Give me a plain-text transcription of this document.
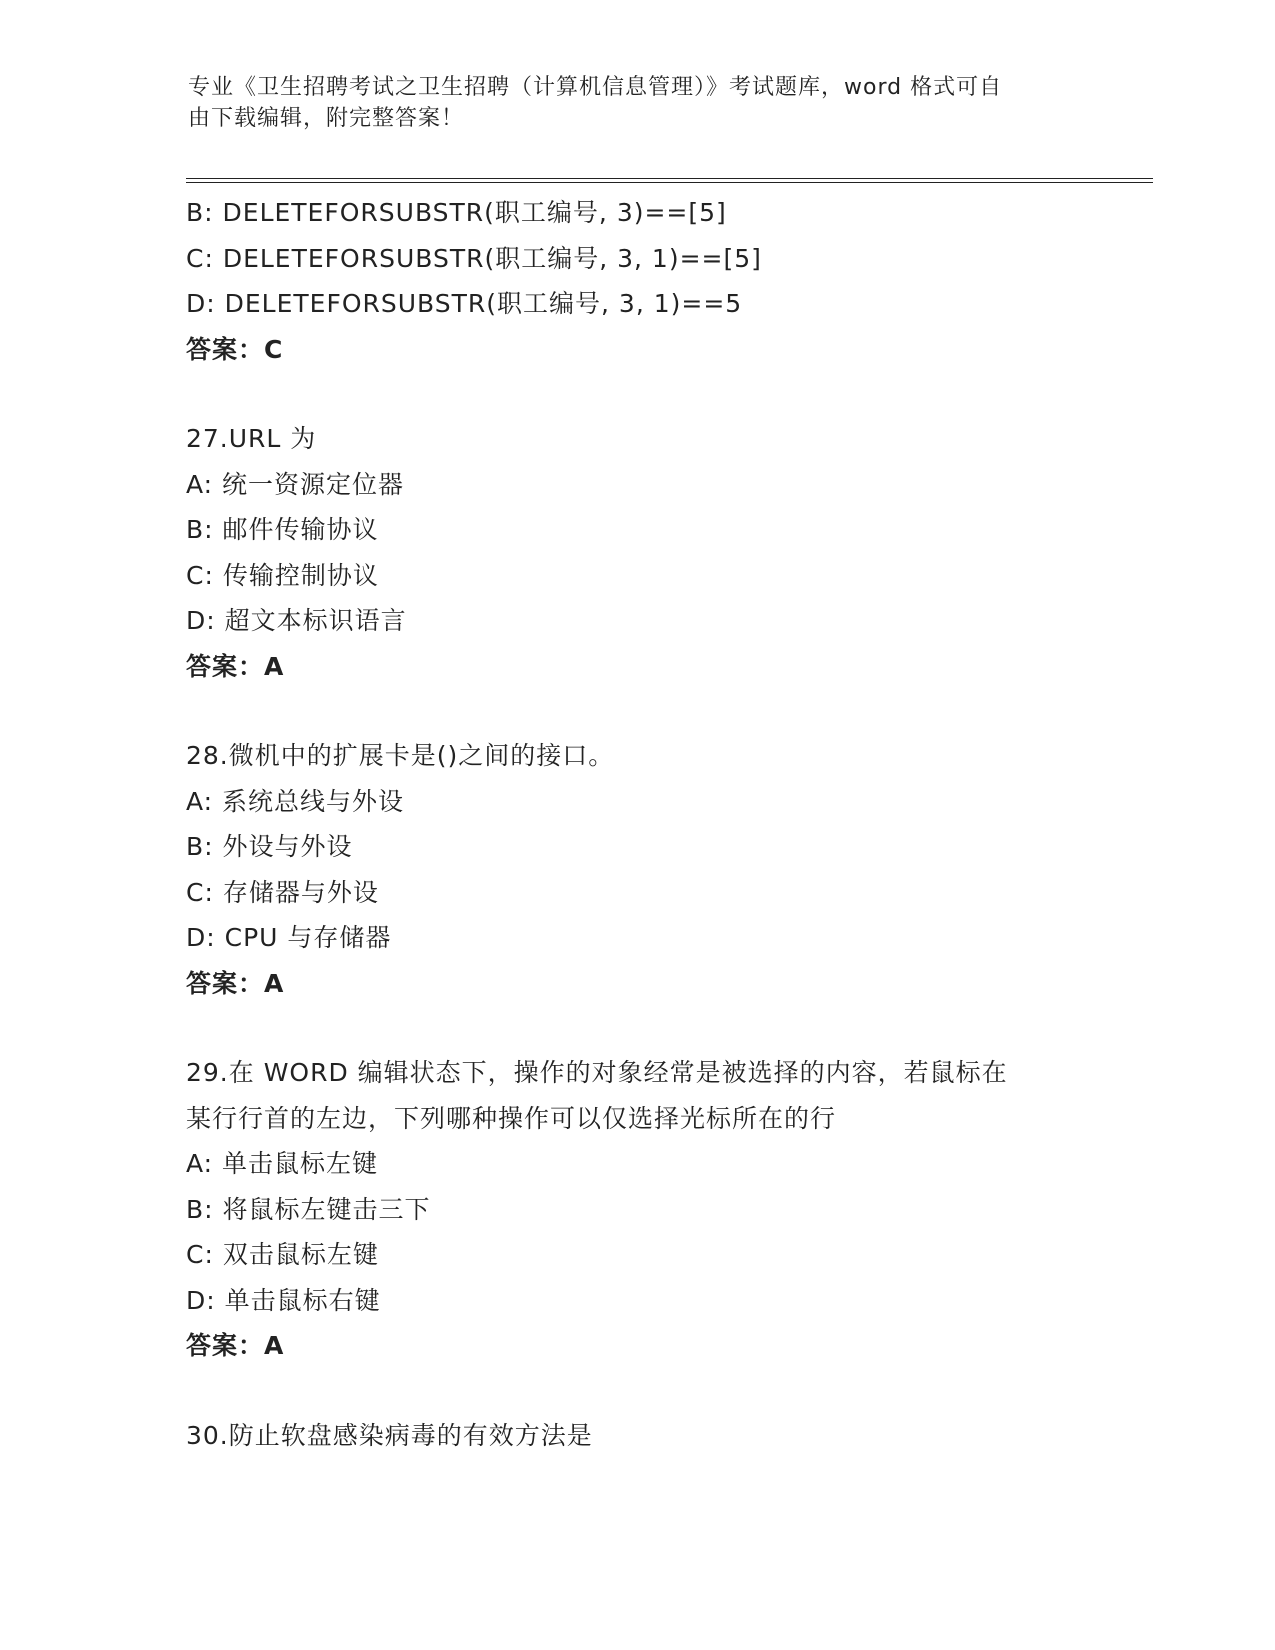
专业《卫生招聘考试之卫生招聘（计算机信息管理）》考试题库，word 格式可自
由下载编辑，附完整答案！
B: DELETEFORSUBSTR(职工编号, 3)==[5]
C: DELETEFORSUBSTR(职工编号, 3, 1)==[5]
D: DELETEFORSUBSTR(职工编号, 3, 1)==5
答案：C
27.URL 为
A: 统一资源定位器
B: 邮件传输协议
C: 传输控制协议
D: 超文本标识语言
答案：A
28.微机中的扩展卡是()之间的接口。
A: 系统总线与外设
B: 外设与外设
C: 存储器与外设
D: CPU 与存储器
答案：A
29.在 WORD 编辑状态下，操作的对象经常是被选择的内容，若鼠标在
某行行首的左边，下列哪种操作可以仅选择光标所在的行
A: 单击鼠标左键
B: 将鼠标左键击三下
C: 双击鼠标左键
D: 单击鼠标右键
答案：A
30.防止软盘感染病毒的有效方法是
